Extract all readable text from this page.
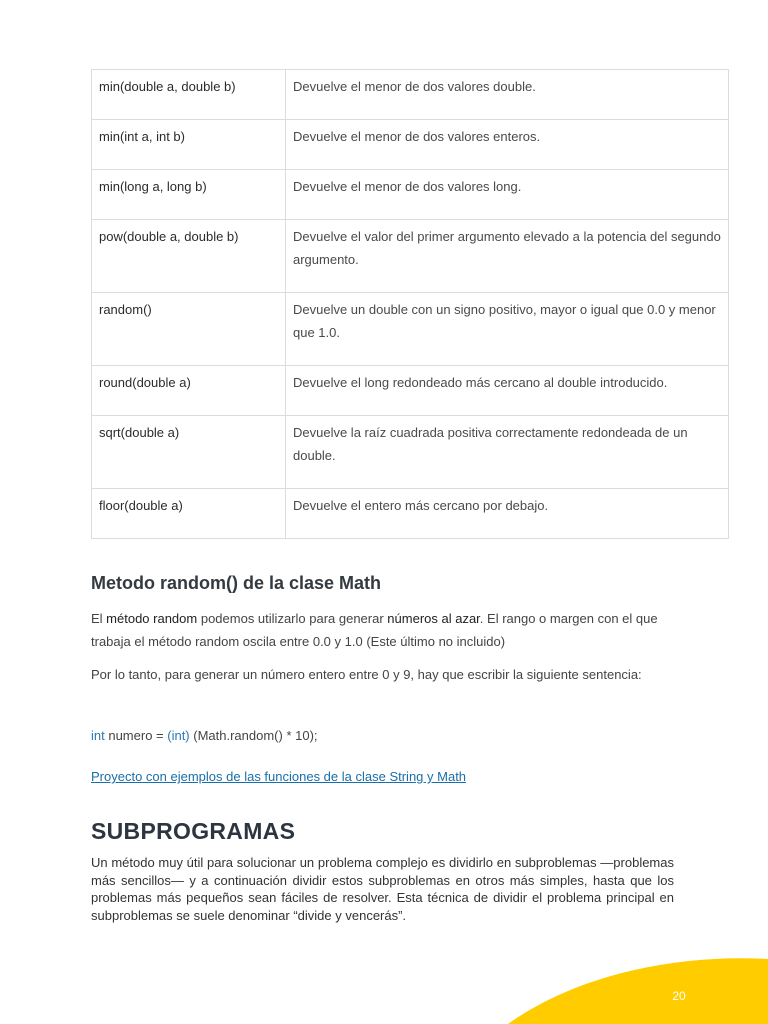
min(double a, double b)	Devuelve el menor de dos valores double.
min(int a, int b)	Devuelve el menor de dos valores enteros.
min(long a, long b)	Devuelve el menor de dos valores long.
pow(double a, double b)	Devuelve el valor del primer argumento elevado a la potencia del segundo argumento.
random()	Devuelve un double con un signo positivo, mayor o igual que 0.0 y menor que 1.0.
round(double a)	Devuelve el long redondeado más cercano al double introducido.
sqrt(double a)	Devuelve la raíz cuadrada positiva correctamente redondeada de un double.
floor(double a)	Devuelve el entero más cercano por debajo.
Metodo random() de la clase Math

El método random podemos utilizarlo para generar números al azar. El rango o margen con el que trabaja el método random oscila entre 0.0 y 1.0 (Este último no incluido)

Por lo tanto, para generar un número entero entre 0 y 9, hay que escribir la siguiente sentencia:

int numero = (int) (Math.random() * 10);

Proyecto con ejemplos de las funciones de la clase String y Math
SUBPROGRAMAS

Un método muy útil para solucionar un problema complejo es dividirlo en subproblemas —problemas más sencillos— y a continuación dividir estos subproblemas en otros más simples, hasta que los problemas más pequeños sean fáciles de resolver. Esta técnica de dividir el problema principal en subproblemas se suele denominar “divide y vencerás”.

20
